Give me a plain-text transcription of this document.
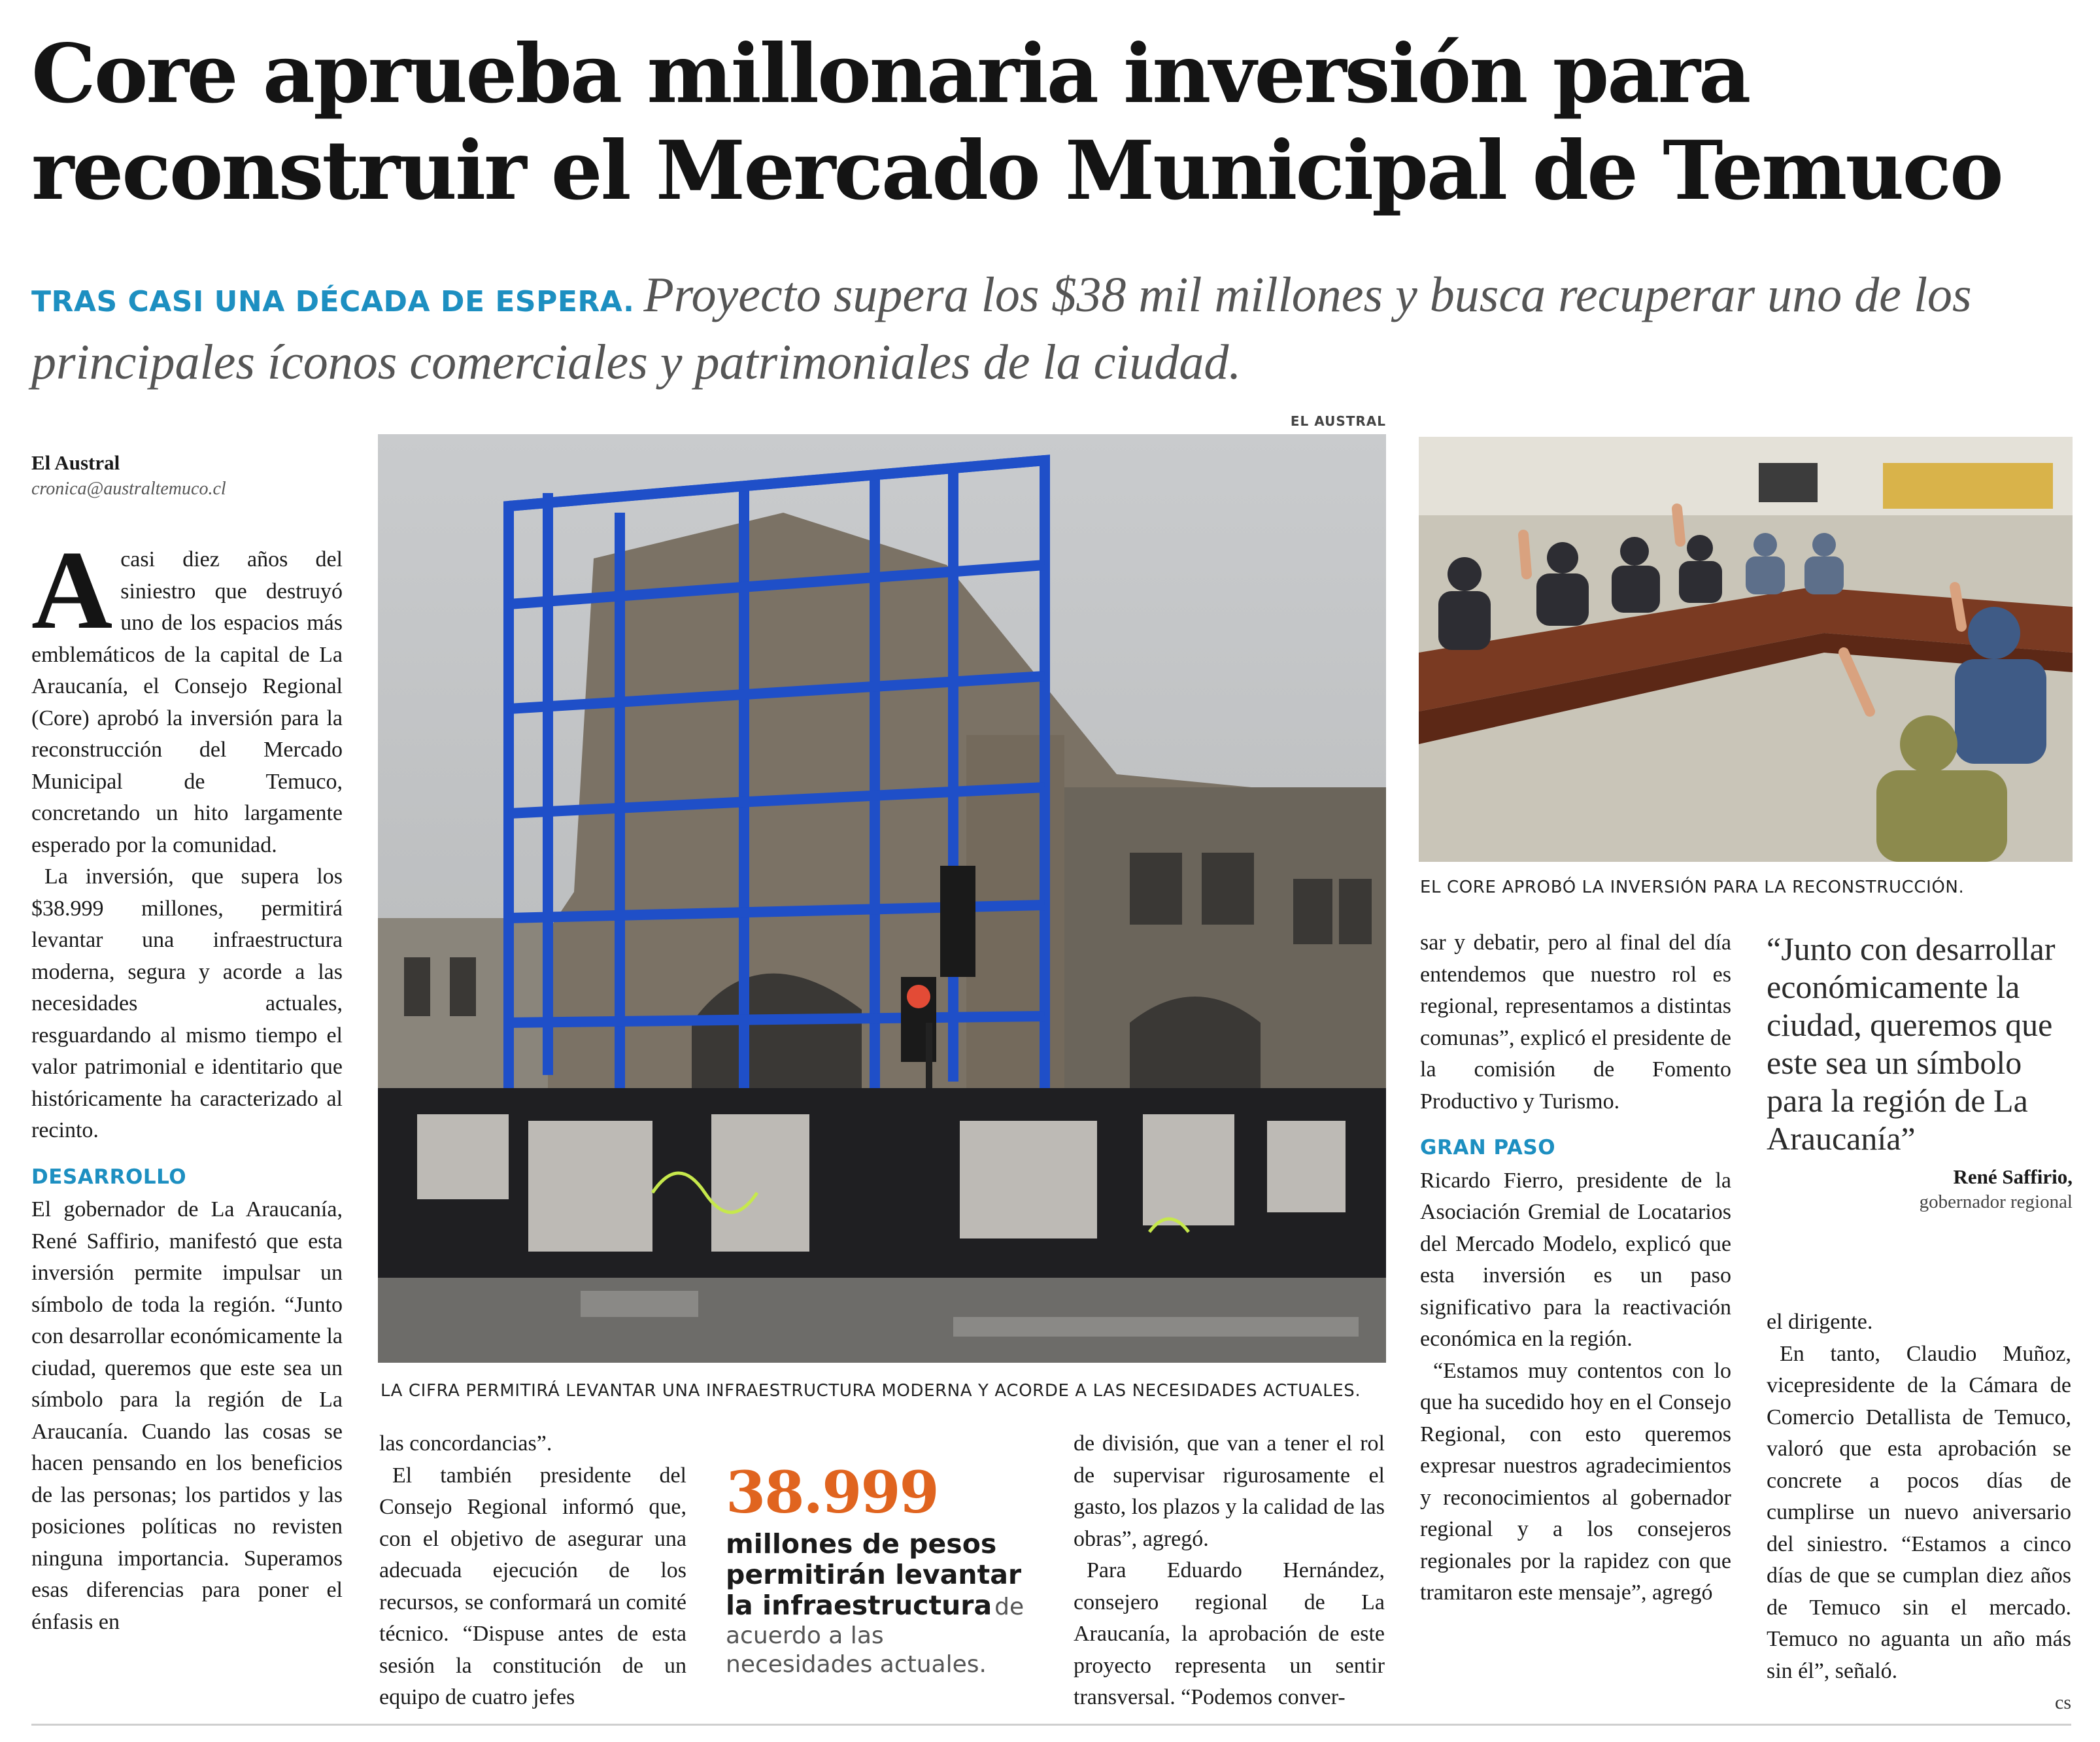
Core aprueba millonaria inversión para reconstruir el Mercado Municipal de Temuco

TRAS CASI UNA DÉCADA DE ESPERA. Proyecto supera los $38 mil millones y busca recuperar uno de los principales íconos comerciales y patrimoniales de la ciudad.

El Austral
cronica@australtemuco.cl
A casi diez años del siniestro que destruyó uno de los espacios más emblemáticos de la capital de La Araucanía, el Consejo Regional (Core) aprobó la inversión para la reconstrucción del Mercado Municipal de Temuco, concretando un hito largamente esperado por la comunidad.

La inversión, que supera los $38.999 millones, permitirá levantar una infraestructura moderna, segura y acorde a las necesidades actuales, resguardando al mismo tiempo el valor patrimonial e identitario que históricamente ha caracterizado al recinto.

DESARROLLO

El gobernador de La Araucanía, René Saffirio, manifestó que esta inversión permite impulsar un símbolo de toda la región. “Junto con desarrollar económicamente la ciudad, queremos que este sea un símbolo para la región de La Araucanía. Cuando las cosas se hacen pensando en los beneficios de las personas; los partidos y las posiciones políticas no revisten ninguna importancia. Superamos esas diferencias para poner el énfasis en

EL AUSTRAL
LA CIFRA PERMITIRÁ LEVANTAR UNA INFRAESTRUCTURA MODERNA Y ACORDE A LAS NECESIDADES ACTUALES.

las concordancias”.

El también presidente del Consejo Regional informó que, con el objetivo de asegurar una adecuada ejecución de los recursos, se conformará un comité técnico. “Dispuse antes de esta sesión la constitución de un equipo de cuatro jefes

38.999
millones de pesos permitirán levantar la infraestructura de acuerdo a las necesidades actuales.

de división, que van a tener el rol de supervisar rigurosamente el gasto, los plazos y la calidad de las obras”, agregó.

Para Eduardo Hernández, consejero regional de La Araucanía, la aprobación de este proyecto representa un sentir transversal. “Podemos conver-

EL CORE APROBÓ LA INVERSIÓN PARA LA RECONSTRUCCIÓN.

sar y debatir, pero al final del día entendemos que nuestro rol es regional, representamos a distintas comunas”, explicó el presidente de la comisión de Fomento Productivo y Turismo.

GRAN PASO

Ricardo Fierro, presidente de la Asociación Gremial de Locatarios del Mercado Modelo, explicó que esta inversión es un paso significativo para la reactivación económica en la región.

“Estamos muy contentos con lo que ha sucedido hoy en el Consejo Regional, con esto queremos expresar nuestros agradecimientos y reconocimientos al gobernador regional y a los consejeros regionales por la rapidez con que tramitaron este mensaje”, agregó

“Junto con desarrollar económicamente la ciudad, queremos que este sea un símbolo para la región de La Araucanía”

René Saffirio,
gobernador regional

el dirigente.

En tanto, Claudio Muñoz, vicepresidente de la Cámara de Comercio Detallista de Temuco, valoró que esta aprobación se concrete a pocos días de cumplirse un nuevo aniversario del siniestro. “Estamos a cinco días de que se cumplan diez años de Temuco sin el mercado. Temuco no aguanta un año más sin él”, señaló.

cs
